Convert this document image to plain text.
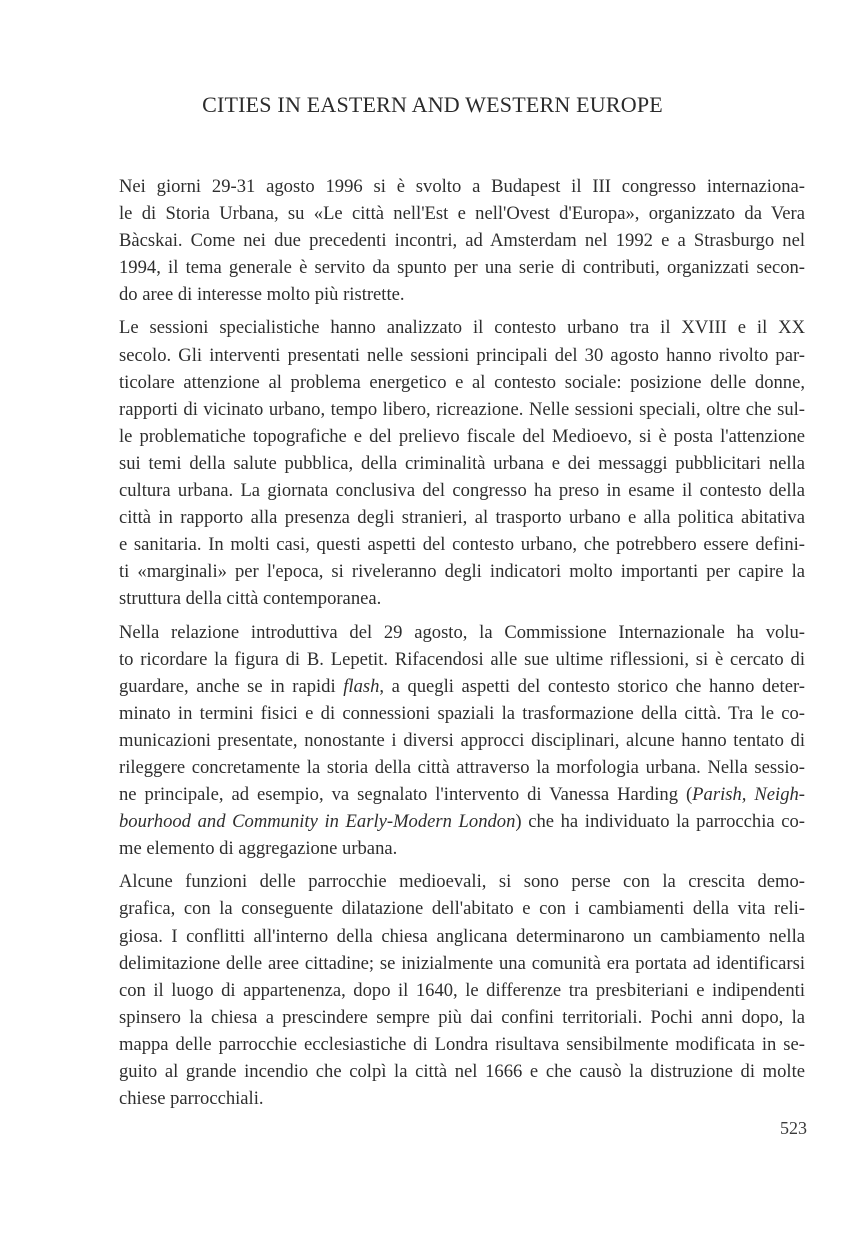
CITIES IN EASTERN AND WESTERN EUROPE

Nei giorni 29-31 agosto 1996 si è svolto a Budapest il III congresso internaziona-
le di Storia Urbana, su «Le città nell'Est e nell'Ovest d'Europa», organizzato da Vera
Bàcskai. Come nei due precedenti incontri, ad Amsterdam nel 1992 e a Strasburgo nel
1994, il tema generale è servito da spunto per una serie di contributi, organizzati secon-
do aree di interesse molto più ristrette.

Le sessioni specialistiche hanno analizzato il contesto urbano tra il XVIII e il XX
secolo. Gli interventi presentati nelle sessioni principali del 30 agosto hanno rivolto par-
ticolare attenzione al problema energetico e al contesto sociale: posizione delle donne,
rapporti di vicinato urbano, tempo libero, ricreazione. Nelle sessioni speciali, oltre che sul-
le problematiche topografiche e del prelievo fiscale del Medioevo, si è posta l'attenzione
sui temi della salute pubblica, della criminalità urbana e dei messaggi pubblicitari nella
cultura urbana. La giornata conclusiva del congresso ha preso in esame il contesto della
città in rapporto alla presenza degli stranieri, al trasporto urbano e alla politica abitativa
e sanitaria. In molti casi, questi aspetti del contesto urbano, che potrebbero essere defini-
ti «marginali» per l'epoca, si riveleranno degli indicatori molto importanti per capire la
struttura della città contemporanea.

Nella relazione introduttiva del 29 agosto, la Commissione Internazionale ha volu-
to ricordare la figura di B. Lepetit. Rifacendosi alle sue ultime riflessioni, si è cercato di
guardare, anche se in rapidi flash, a quegli aspetti del contesto storico che hanno deter-
minato in termini fisici e di connessioni spaziali la trasformazione della città. Tra le co-
municazioni presentate, nonostante i diversi approcci disciplinari, alcune hanno tentato di
rileggere concretamente la storia della città attraverso la morfologia urbana. Nella sessio-
ne principale, ad esempio, va segnalato l'intervento di Vanessa Harding (Parish, Neigh-
bourhood and Community in Early-Modern London) che ha individuato la parrocchia co-
me elemento di aggregazione urbana.

Alcune funzioni delle parrocchie medioevali, si sono perse con la crescita demo-
grafica, con la conseguente dilatazione dell'abitato e con i cambiamenti della vita reli-
giosa. I conflitti all'interno della chiesa anglicana determinarono un cambiamento nella
delimitazione delle aree cittadine; se inizialmente una comunità era portata ad identificarsi
con il luogo di appartenenza, dopo il 1640, le differenze tra presbiteriani e indipendenti
spinsero la chiesa a prescindere sempre più dai confini territoriali. Pochi anni dopo, la
mappa delle parrocchie ecclesiastiche di Londra risultava sensibilmente modificata in se-
guito al grande incendio che colpì la città nel 1666 e che causò la distruzione di molte
chiese parrocchiali.

523
